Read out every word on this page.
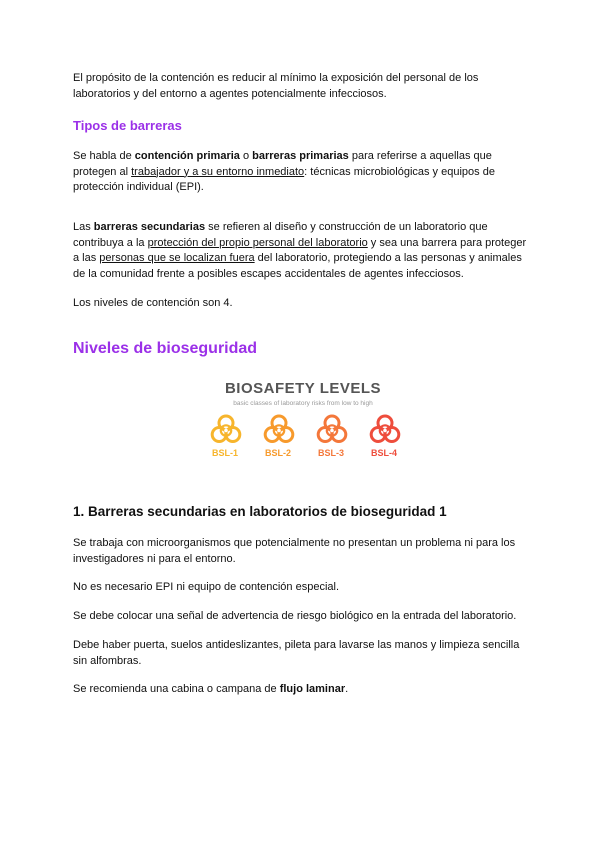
El propósito de la contención es reducir al mínimo la exposición del personal de los laboratorios y del entorno a agentes potencialmente infecciosos.

Tipos de barreras

Se habla de contención primaria o barreras primarias para referirse a aquellas que protegen al trabajador y a su entorno inmediato: técnicas microbiológicas y equipos de protección individual (EPI).

Las barreras secundarias se refieren al diseño y construcción de un laboratorio que contribuya a la protección del propio personal del laboratorio y sea una barrera para proteger a las personas que se localizan fuera del laboratorio, protegiendo a las personas y animales de la comunidad frente a posibles escapes accidentales de agentes infecciosos.

Los niveles de contención son 4.

Niveles de bioseguridad
BIOSAFETY LEVELS
basic classes of laboratory risks from low to high
BSL-1	BSL-2	BSL-3	BSL-4
1. Barreras secundarias en laboratorios de bioseguridad 1

Se trabaja con microorganismos que potencialmente no presentan un problema ni para los investigadores ni para el entorno.

No es necesario EPI ni equipo de contención especial.

Se debe colocar una señal de advertencia de riesgo biológico en la entrada del laboratorio.

Debe haber puerta, suelos antideslizantes, pileta para lavarse las manos y limpieza sencilla sin alfombras.

Se recomienda una cabina o campana de flujo laminar.
